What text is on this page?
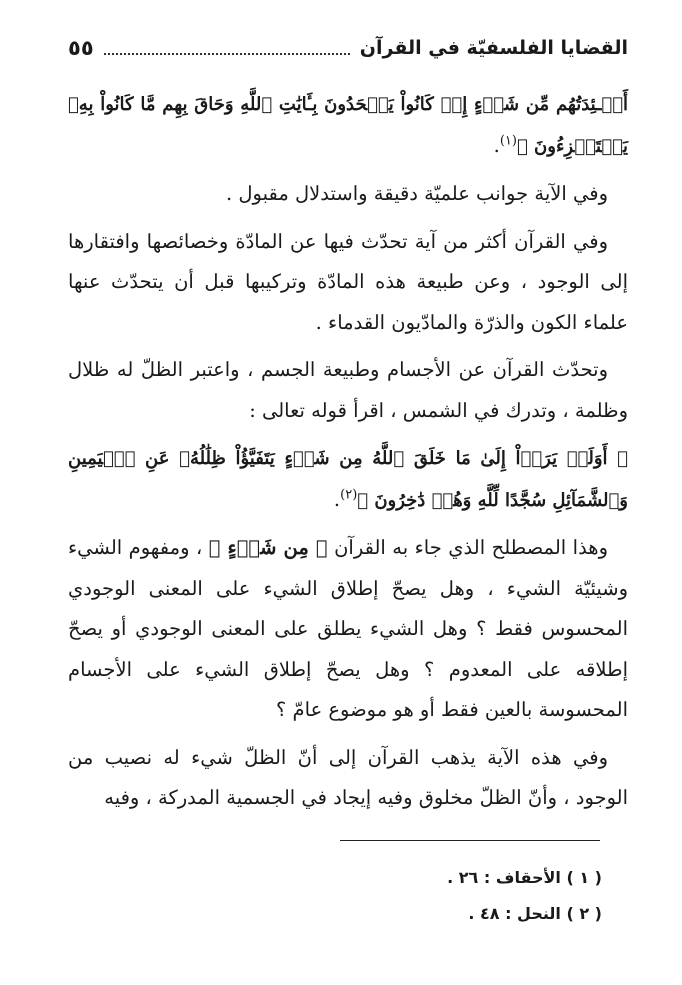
القضايا الفلسفيّة في القرآن
٥٥

أَفۡـئِدَتُهُم مِّن شَيۡءٍ إِذۡ كَانُواْ يَجۡحَدُونَ بِـَٔايَٰتِ ٱللَّهِ وَحَاقَ بِهِم مَّا كَانُواْ بِهِۦ يَسۡتَهۡزِءُونَ ﴾$^{(١)}$.

وفي الآية جوانب علميّة دقيقة واستدلال مقبول .

وفي القرآن أكثر من آية تحدّث فيها عن المادّة وخصائصها وافتقارها إلى الوجود ، وعن طبيعة هذه المادّة وتركيبها قبل أن يتحدّث عنها علماء الكون والذرّة والمادّيون القدماء .

وتحدّث القرآن عن الأجسام وطبيعة الجسم ، واعتبر الظلّ له ظلال وظلمة ، وتدرك في الشمس ، اقرأ قوله تعالى :

﴿ أَوَلَمۡ يَرَوۡاْ إِلَىٰ مَا خَلَقَ ٱللَّهُ مِن شَيۡءٍ يَتَفَيَّؤُاْ ظِلَٰلُهُۥ عَنِ ٱلۡيَمِينِ وَٱلشَّمَآئِلِ سُجَّدًا لِّلَّهِ وَهُمۡ دَٰخِرُونَ ﴾$^{(٢)}$.

وهذا المصطلح الذي جاء به القرآن ﴿ مِن شَيۡءٍ ﴾ ، ومفهوم الشيء وشيئيّة الشيء ، وهل يصحّ إطلاق الشيء على المعنى الوجودي المحسوس فقط ؟ وهل الشيء يطلق على المعنى الوجودي أو يصحّ إطلاقه على المعدوم ؟ وهل يصحّ إطلاق الشيء على الأجسام المحسوسة بالعين فقط أو هو موضوع عامّ ؟

وفي هذه الآية يذهب القرآن إلى أنّ الظلّ شيء له نصيب من الوجود ، وأنّ الظلّ مخلوق وفيه إيجاد في الجسمية المدركة ، وفيه

( ١ ) الأحقاف : ٢٦ .
( ٢ ) النحل : ٤٨ .
